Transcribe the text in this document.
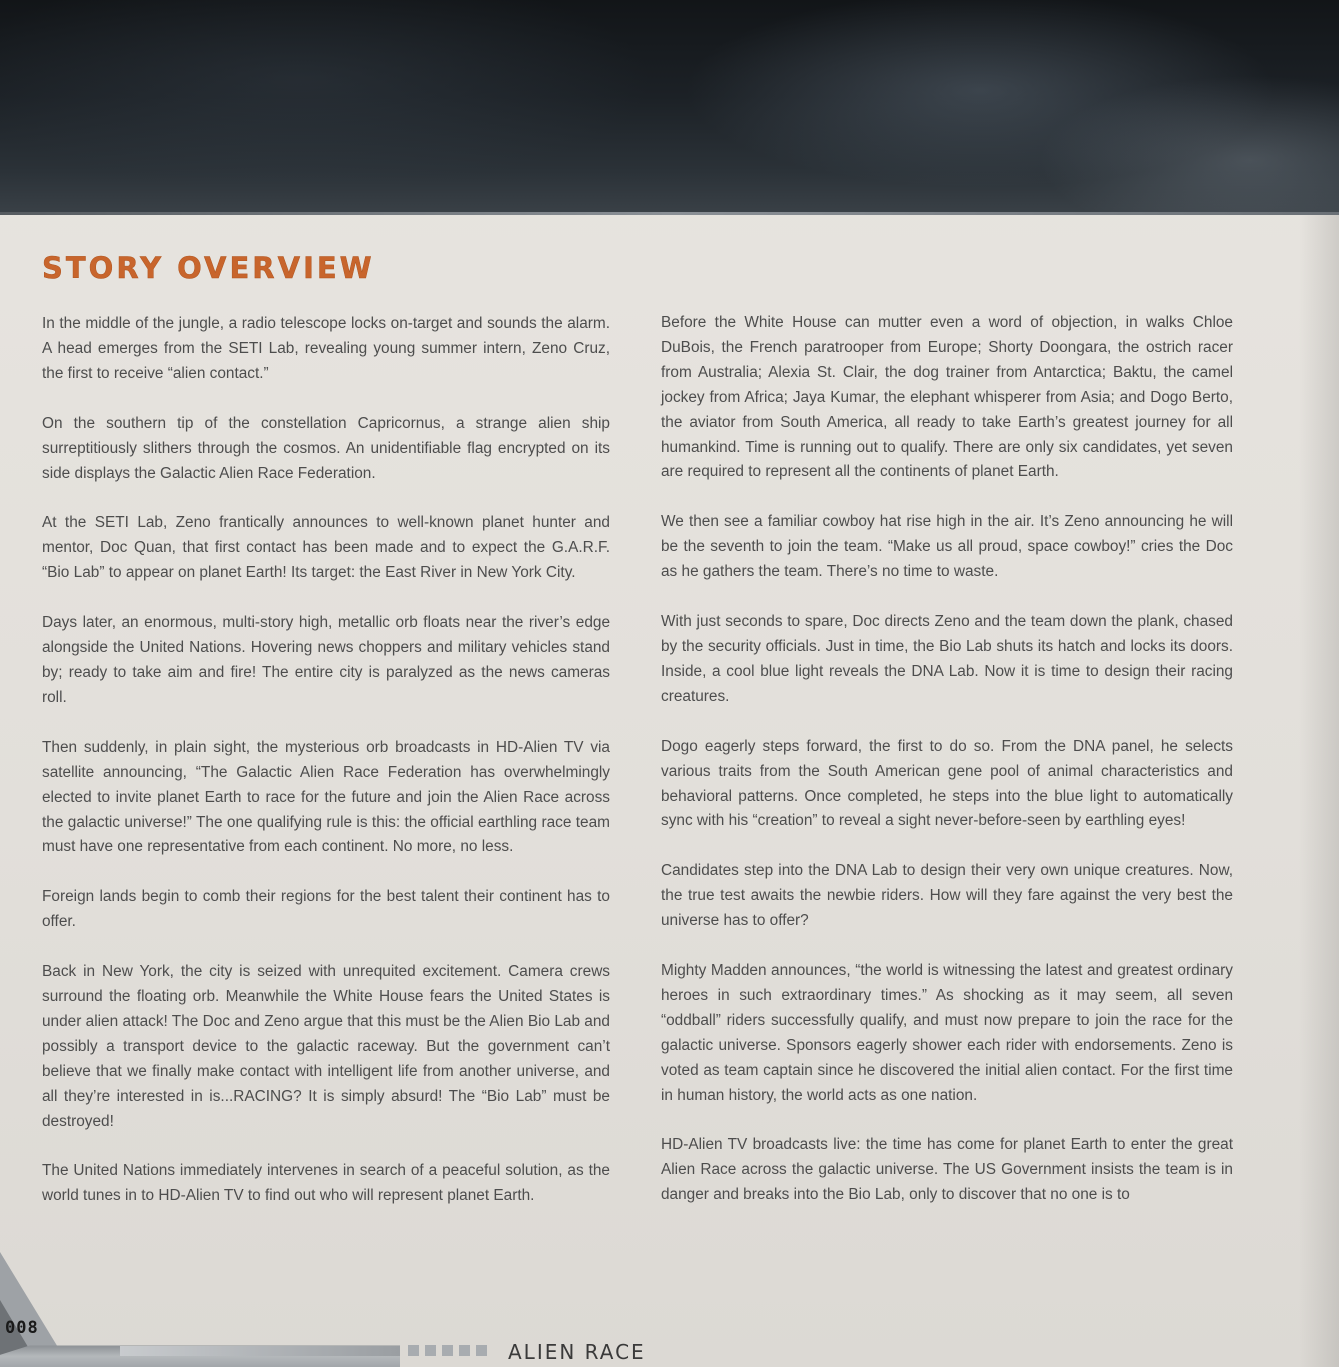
STORY OVERVIEW

In the middle of the jungle, a radio telescope locks on-target and sounds the alarm. A head emerges from the SETI Lab, revealing young summer intern, Zeno Cruz, the first to receive “alien contact.”

On the southern tip of the constellation Capricornus, a strange alien ship surreptitiously slithers through the cosmos. An unidentifiable flag encrypted on its side displays the Galactic Alien Race Federation.

At the SETI Lab, Zeno frantically announces to well-known planet hunter and mentor, Doc Quan, that first contact has been made and to expect the G.A.R.F. “Bio Lab” to appear on planet Earth! Its target: the East River in New York City.

Days later, an enormous, multi-story high, metallic orb floats near the river’s edge alongside the United Nations. Hovering news choppers and military vehicles stand by; ready to take aim and fire! The entire city is paralyzed as the news cameras roll.

Then suddenly, in plain sight, the mysterious orb broadcasts in HD-Alien TV via satellite announcing, “The Galactic Alien Race Federation has overwhelmingly elected to invite planet Earth to race for the future and join the Alien Race across the galactic universe!” The one qualifying rule is this: the official earthling race team must have one representative from each continent. No more, no less.

Foreign lands begin to comb their regions for the best talent their continent has to offer.

Back in New York, the city is seized with unrequited excitement. Camera crews surround the floating orb. Meanwhile the White House fears the United States is under alien attack! The Doc and Zeno argue that this must be the Alien Bio Lab and possibly a transport device to the galactic raceway. But the government can’t believe that we finally make contact with intelligent life from another universe, and all they’re interested in is...RACING? It is simply absurd! The “Bio Lab” must be destroyed!

The United Nations immediately intervenes in search of a peaceful solution, as the world tunes in to HD-Alien TV to find out who will represent planet Earth.

Before the White House can mutter even a word of objection, in walks Chloe DuBois, the French paratrooper from Europe; Shorty Doongara, the ostrich racer from Australia; Alexia St. Clair, the dog trainer from Antarctica; Baktu, the camel jockey from Africa; Jaya Kumar, the elephant whisperer from Asia; and Dogo Berto, the aviator from South America, all ready to take Earth’s greatest journey for all humankind. Time is running out to qualify. There are only six candidates, yet seven are required to represent all the continents of planet Earth.

We then see a familiar cowboy hat rise high in the air. It’s Zeno announcing he will be the seventh to join the team. “Make us all proud, space cowboy!” cries the Doc as he gathers the team. There’s no time to waste.

With just seconds to spare, Doc directs Zeno and the team down the plank, chased by the security officials. Just in time, the Bio Lab shuts its hatch and locks its doors. Inside, a cool blue light reveals the DNA Lab. Now it is time to design their racing creatures.

Dogo eagerly steps forward, the first to do so. From the DNA panel, he selects various traits from the South American gene pool of animal characteristics and behavioral patterns. Once completed, he steps into the blue light to automatically sync with his “creation” to reveal a sight never-before-seen by earthling eyes!

Candidates step into the DNA Lab to design their very own unique creatures. Now, the true test awaits the newbie riders. How will they fare against the very best the universe has to offer?

Mighty Madden announces, “the world is witnessing the latest and greatest ordinary heroes in such extraordinary times.” As shocking as it may seem, all seven “oddball” riders successfully qualify, and must now prepare to join the race for the galactic universe. Sponsors eagerly shower each rider with endorsements. Zeno is voted as team captain since he discovered the initial alien contact. For the first time in human history, the world acts as one nation.

HD-Alien TV broadcasts live: the time has come for planet Earth to enter the great Alien Race across the galactic universe. The US Government insists the team is in danger and breaks into the Bio Lab, only to discover that no one is to

008
ALIEN RACE
